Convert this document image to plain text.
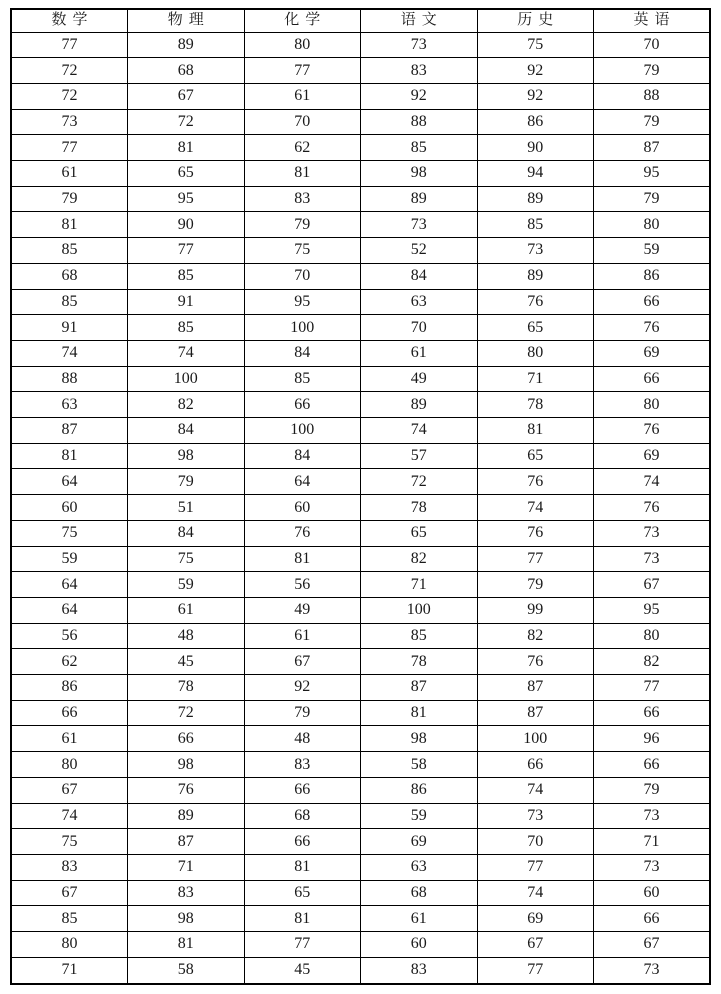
数学	物理	化学	语文	历史	英语
77	89	80	73	75	70
72	68	77	83	92	79
72	67	61	92	92	88
73	72	70	88	86	79
77	81	62	85	90	87
61	65	81	98	94	95
79	95	83	89	89	79
81	90	79	73	85	80
85	77	75	52	73	59
68	85	70	84	89	86
85	91	95	63	76	66
91	85	100	70	65	76
74	74	84	61	80	69
88	100	85	49	71	66
63	82	66	89	78	80
87	84	100	74	81	76
81	98	84	57	65	69
64	79	64	72	76	74
60	51	60	78	74	76
75	84	76	65	76	73
59	75	81	82	77	73
64	59	56	71	79	67
64	61	49	100	99	95
56	48	61	85	82	80
62	45	67	78	76	82
86	78	92	87	87	77
66	72	79	81	87	66
61	66	48	98	100	96
80	98	83	58	66	66
67	76	66	86	74	79
74	89	68	59	73	73
75	87	66	69	70	71
83	71	81	63	77	73
67	83	65	68	74	60
85	98	81	61	69	66
80	81	77	60	67	67
71	58	45	83	77	73
